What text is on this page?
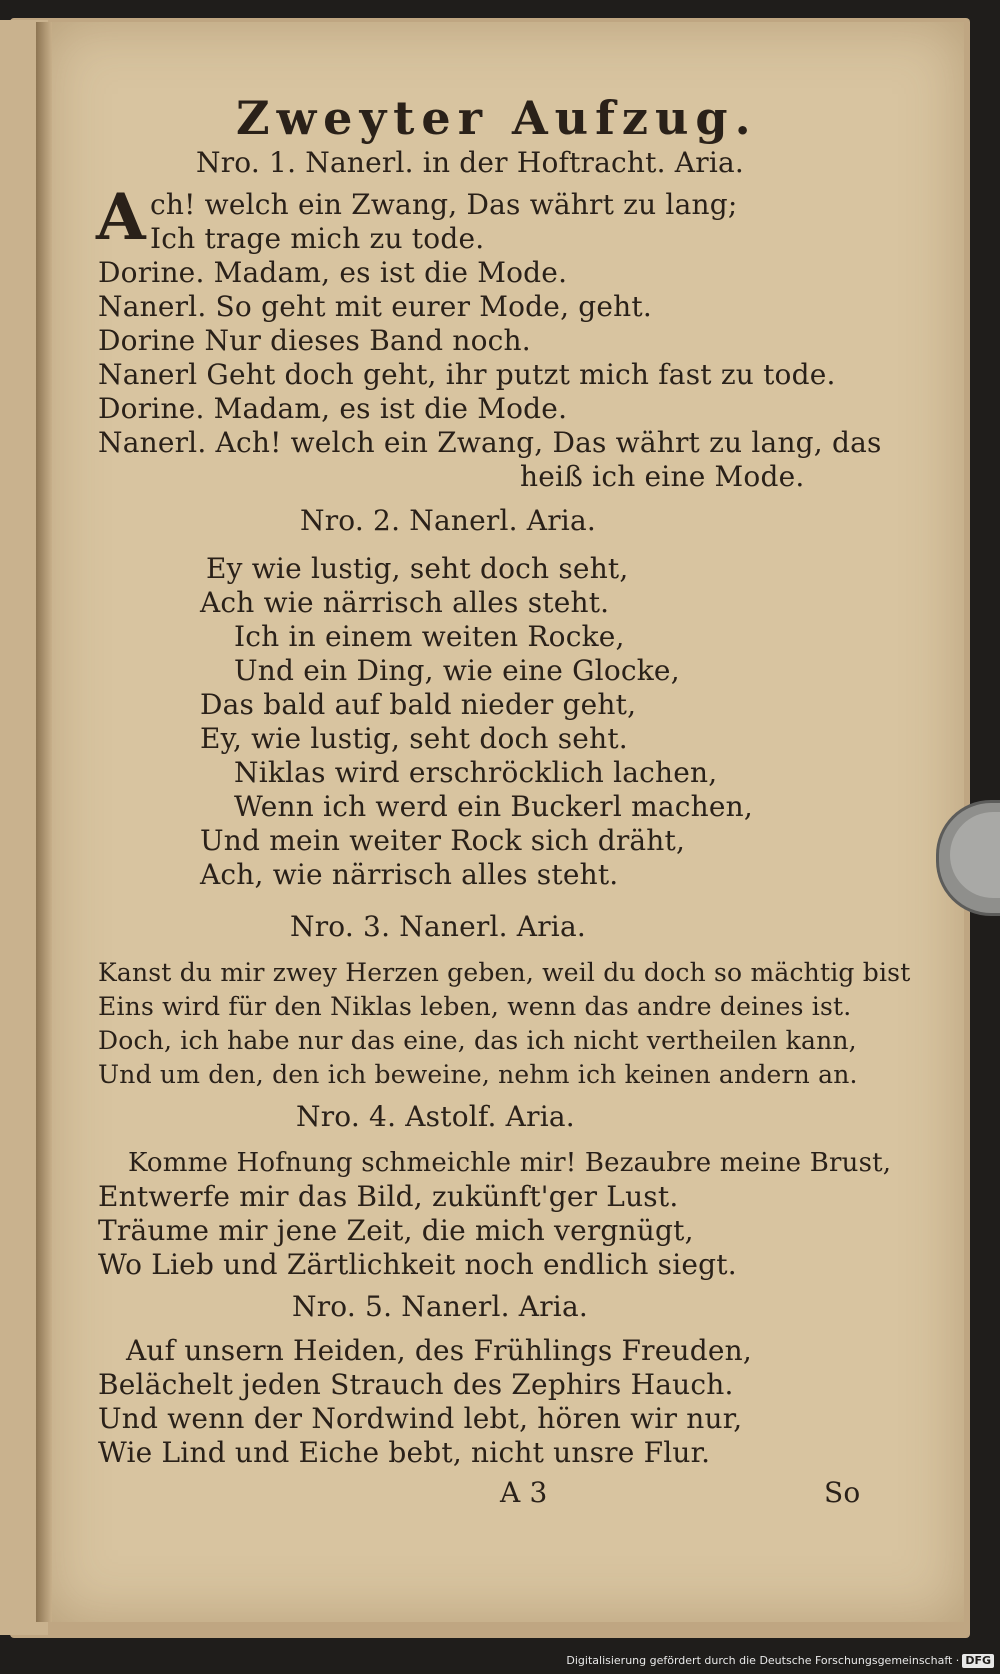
Zweyter Aufzug.
Nro. 1. Nanerl. in der Hoftracht. Aria.
A ch! welch ein Zwang, Das währt zu lang;
Ich trage mich zu tode.
Dorine. Madam, es ist die Mode.
Nanerl. So geht mit eurer Mode, geht.
Dorine Nur dieses Band noch.
Nanerl Geht doch geht, ihr putzt mich fast zu tode.
Dorine. Madam, es ist die Mode.
Nanerl. Ach! welch ein Zwang, Das währt zu lang, das
heiß ich eine Mode.
Nro. 2. Nanerl. Aria.
Ey wie lustig, seht doch seht,
Ach wie närrisch alles steht.
Ich in einem weiten Rocke,
Und ein Ding, wie eine Glocke,
Das bald auf bald nieder geht,
Ey, wie lustig, seht doch seht.
Niklas wird erschröcklich lachen,
Wenn ich werd ein Buckerl machen,
Und mein weiter Rock sich dräht,
Ach, wie närrisch alles steht.
Nro. 3. Nanerl. Aria.
Kanst du mir zwey Herzen geben, weil du doch so mächtig bist
Eins wird für den Niklas leben, wenn das andre deines ist.
Doch, ich habe nur das eine, das ich nicht vertheilen kann,
Und um den, den ich beweine, nehm ich keinen andern an.
Nro. 4. Astolf. Aria.
Komme Hofnung schmeichle mir! Bezaubre meine Brust,
Entwerfe mir das Bild, zukünft'ger Lust.
Träume mir jene Zeit, die mich vergnügt,
Wo Lieb und Zärtlichkeit noch endlich siegt.
Nro. 5. Nanerl. Aria.
Auf unsern Heiden, des Frühlings Freuden,
Belächelt jeden Strauch des Zephirs Hauch.
Und wenn der Nordwind lebt, hören wir nur,
Wie Lind und Eiche bebt, nicht unsre Flur.
A 3	So
Digitalisierung gefördert durch die Deutsche Forschungsgemeinschaft · DFG
